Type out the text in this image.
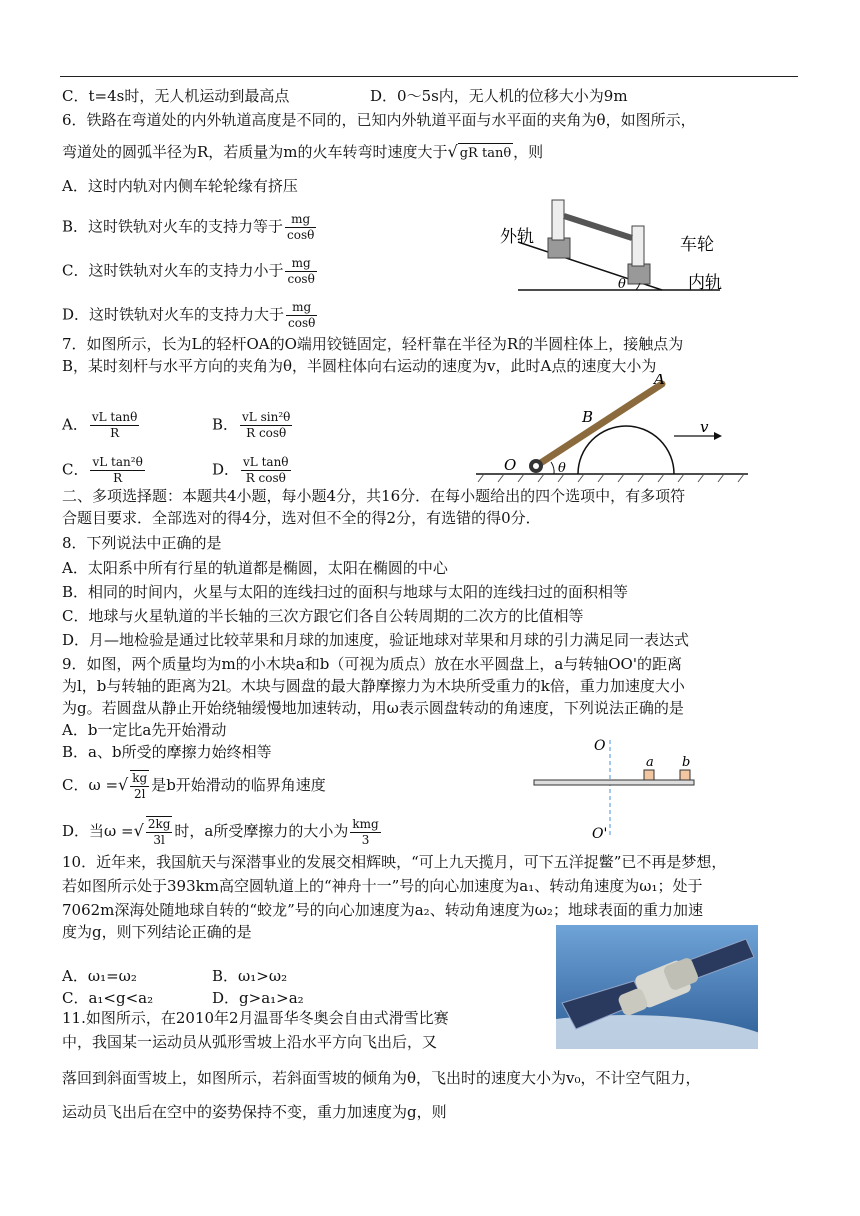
C．t=4s时，无人机运动到最高点	D．0～5s内，无人机的位移大小为9m
6．铁路在弯道处的内外轨道高度是不同的，已知内外轨道平面与水平面的夹角为θ，如图所示，
弯道处的圆弧半径为R，若质量为m的火车转弯时速度大于√ gR tanθ ，则
A．这时内轨对内侧车轮轮缘有挤压
B．这时铁轨对火车的支持力等于 $\frac{mg}{\cos\theta}$
C．这时铁轨对火车的支持力小于 $\frac{mg}{\cos\theta}$
D．这时铁轨对火车的支持力大于 $\frac{mg}{\cos\theta}$
外轨	车轮
内轨
θ
7．如图所示，长为L的轻杆OA的O端用铰链固定，轻杆靠在半径为R的半圆柱体上，接触点为
B，某时刻杆与水平方向的夹角为θ，半圆柱体向右运动的速度为v，此时A点的速度大小为
A． $\frac{\text{vL tanθ}}{R}$	B． $\frac{\text{vL sin²θ}}{\text{R cosθ}}$
C． $\frac{\text{vL tan²θ}}{R}$	D． $\frac{\text{vL tanθ}}{\text{R cosθ}}$
A
B
O
v
θ
二、多项选择题：本题共4小题，每小题4分，共16分．在每小题给出的四个选项中，有多项符
合题目要求．全部选对的得4分，选对但不全的得2分，有选错的得0分．
8．下列说法中正确的是
A．太阳系中所有行星的轨道都是椭圆，太阳在椭圆的中心
B．相同的时间内，火星与太阳的连线扫过的面积与地球与太阳的连线扫过的面积相等
C．地球与火星轨道的半长轴的三次方跟它们各自公转周期的二次方的比值相等
D．月—地检验是通过比较苹果和月球的加速度，验证地球对苹果和月球的引力满足同一表达式
9．如图，两个质量均为m的小木块a和b（可视为质点）放在水平圆盘上，a与转轴OO'的距离
为l，b与转轴的距离为2l。木块与圆盘的最大静摩擦力为木块所受重力的k倍，重力加速度大小
为g。若圆盘从静止开始绕轴缓慢地加速转动，用ω表示圆盘转动的角速度，下列说法正确的是
A．b一定比a先开始滑动
B．a、b所受的摩擦力始终相等
C．ω =√ $\frac{kg}{2l}$ 是b开始滑动的临界角速度
D．当ω =√ $\frac{2kg}{3l}$ 时，a所受摩擦力的大小为 $\frac{\text{kmg}}{3}$
O
O'
a b
10．近年来，我国航天与深潜事业的发展交相辉映，“可上九天揽月，可下五洋捉鳖”已不再是梦想，
若如图所示处于393km高空圆轨道上的“神舟十一”号的向心加速度为a₁、转动角速度为ω₁；处于
7062m深海处随地球自转的“蛟龙”号的向心加速度为a₂、转动角速度为ω₂；地球表面的重力加速
度为g，则下列结论正确的是
A．ω₁=ω₂	B．ω₁>ω₂
C．a₁<g<a₂	D．g>a₁>a₂
11.如图所示，在2010年2月温哥华冬奥会自由式滑雪比赛
中，我国某一运动员从弧形雪坡上沿水平方向飞出后，又
落回到斜面雪坡上，如图所示，若斜面雪坡的倾角为θ，飞出时的速度大小为v₀，不计空气阻力，
运动员飞出后在空中的姿势保持不变，重力加速度为g，则
